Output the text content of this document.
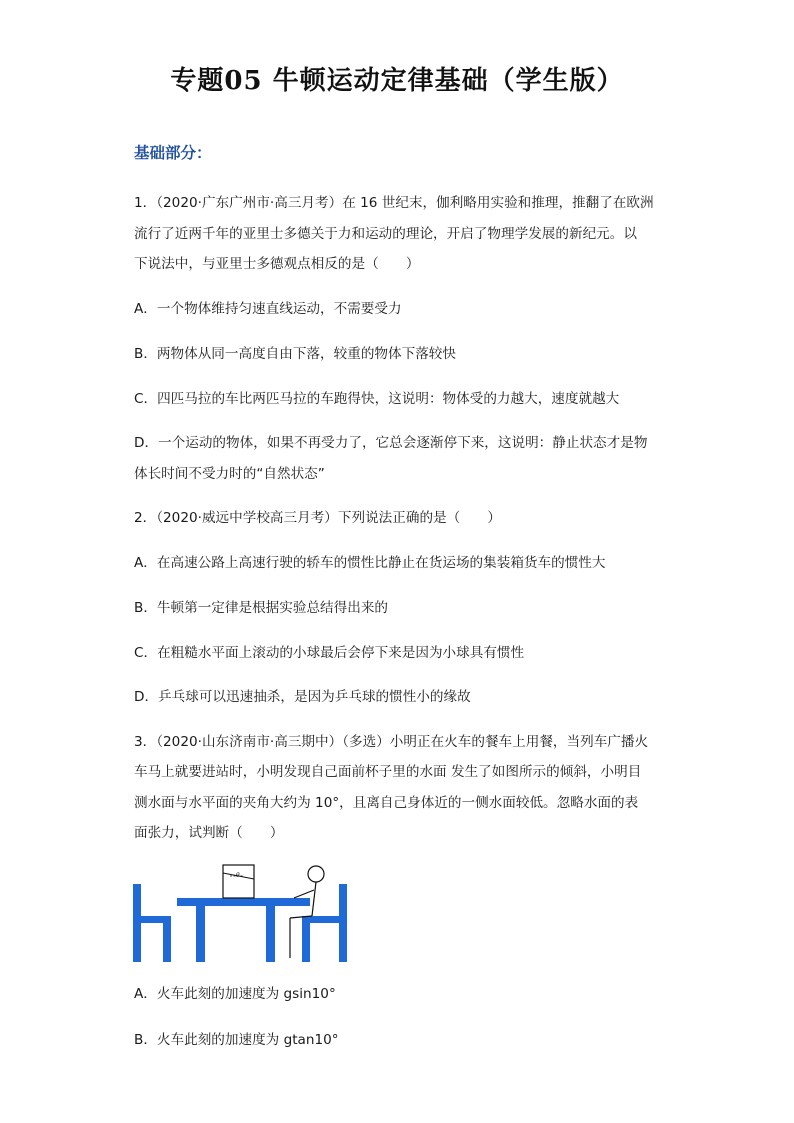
专题05 牛顿运动定律基础（学生版）
基础部分：
1．（2020·广东广州市·高三月考）在 16 世纪末，伽利略用实验和推理，推翻了在欧洲
流行了近两千年的亚里士多德关于力和运动的理论，开启了物理学发展的新纪元。以
下说法中，与亚里士多德观点相反的是（　　）
A．一个物体维持匀速直线运动，不需要受力
B．两物体从同一高度自由下落，较重的物体下落较快
C．四匹马拉的车比两匹马拉的车跑得快，这说明：物体受的力越大，速度就越大
D．一个运动的物体，如果不再受力了，它总会逐渐停下来，这说明：静止状态才是物
体长时间不受力时的“自然状态”
2．（2020·威远中学校高三月考）下列说法正确的是（　　）
A．在高速公路上高速行驶的轿车的惯性比静止在货运场的集装箱货车的惯性大
B．牛顿第一定律是根据实验总结得出来的
C．在粗糙水平面上滚动的小球最后会停下来是因为小球具有惯性
D．乒乓球可以迅速抽杀，是因为乒乓球的惯性小的缘故
3．（2020·山东济南市·高三期中）（多选）小明正在火车的餐车上用餐，当列车广播火
车马上就要进站时，小明发现自己面前杯子里的水面 发生了如图所示的倾斜，小明目
测水面与水平面的夹角大约为 10°，且离自己身体近的一侧水面较低。忽略水面的表
面张力，试判断（　　）
θ
A．火车此刻的加速度为 gsin10°
B．火车此刻的加速度为 gtan10°
